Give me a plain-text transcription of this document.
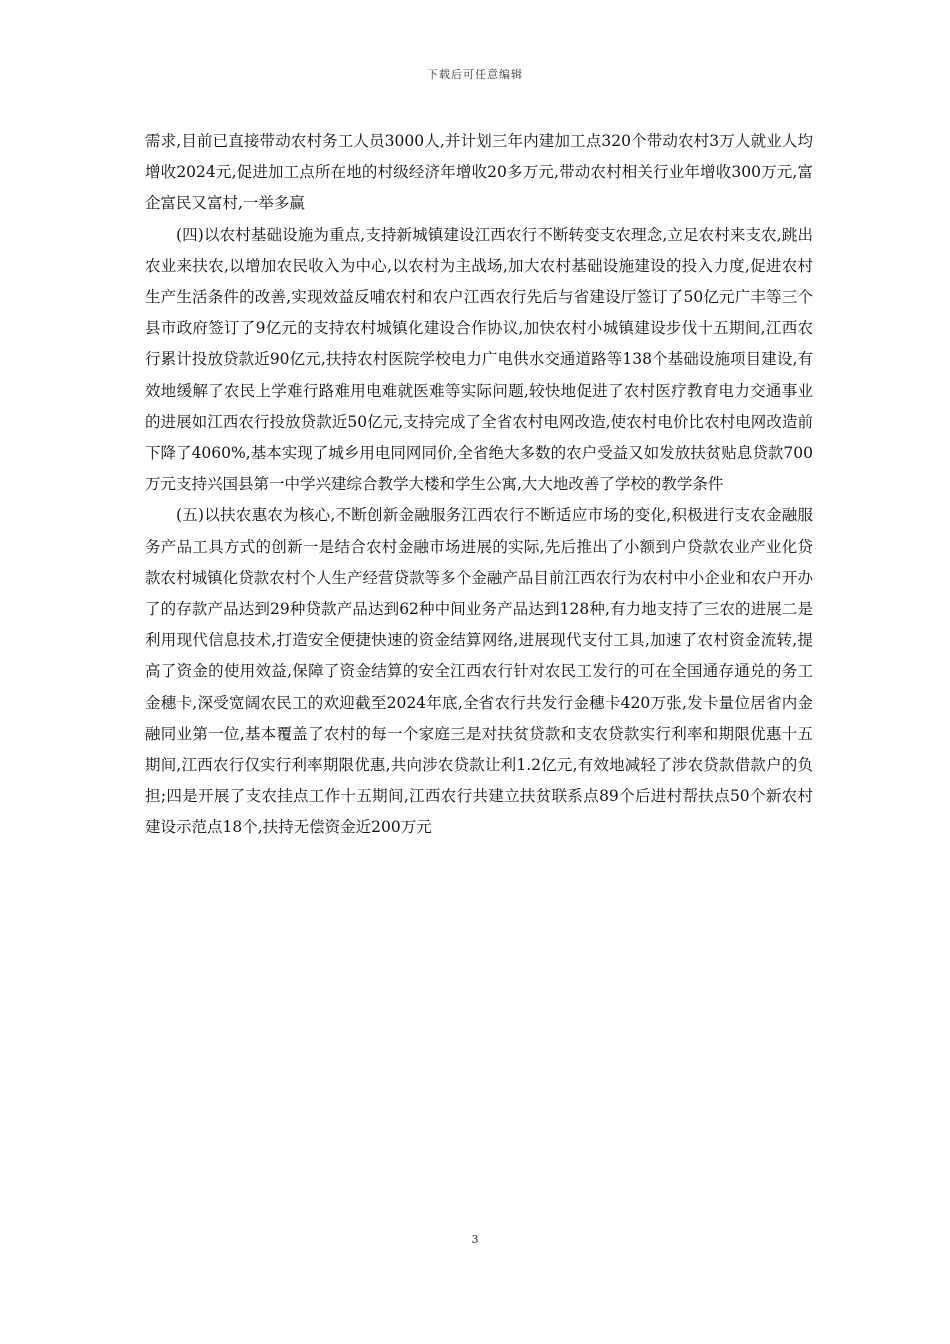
下载后可任意编辑

需求,目前已直接带动农村务工人员3000人,并计划三年内建加工点320个带动农村3万人就业人均增收2024元,促进加工点所在地的村级经济年增收20多万元,带动农村相关行业年增收300万元,富企富民又富村,一举多赢

(四)以农村基础设施为重点,支持新城镇建设江西农行不断转变支农理念,立足农村来支农,跳出农业来扶农,以增加农民收入为中心,以农村为主战场,加大农村基础设施建设的投入力度,促进农村生产生活条件的改善,实现效益反哺农村和农户江西农行先后与省建设厅签订了50亿元广丰等三个县市政府签订了9亿元的支持农村城镇化建设合作协议,加快农村小城镇建设步伐十五期间,江西农行累计投放贷款近90亿元,扶持农村医院学校电力广电供水交通道路等138个基础设施项目建设,有效地缓解了农民上学难行路难用电难就医难等实际问题,较快地促进了农村医疗教育电力交通事业的进展如江西农行投放贷款近50亿元,支持完成了全省农村电网改造,使农村电价比农村电网改造前下降了4060%,基本实现了城乡用电同网同价,全省绝大多数的农户受益又如发放扶贫贴息贷款700万元支持兴国县第一中学兴建综合教学大楼和学生公寓,大大地改善了学校的教学条件

(五)以扶农惠农为核心,不断创新金融服务江西农行不断适应市场的变化,积极进行支农金融服务产品工具方式的创新一是结合农村金融市场进展的实际,先后推出了小额到户贷款农业产业化贷款农村城镇化贷款农村个人生产经营贷款等多个金融产品目前江西农行为农村中小企业和农户开办了的存款产品达到29种贷款产品达到62种中间业务产品达到128种,有力地支持了三农的进展二是利用现代信息技术,打造安全便捷快速的资金结算网络,进展现代支付工具,加速了农村资金流转,提高了资金的使用效益,保障了资金结算的安全江西农行针对农民工发行的可在全国通存通兑的务工金穗卡,深受宽阔农民工的欢迎截至2024年底,全省农行共发行金穗卡420万张,发卡量位居省内金融同业第一位,基本覆盖了农村的每一个家庭三是对扶贫贷款和支农贷款实行利率和期限优惠十五期间,江西农行仅实行利率期限优惠,共向涉农贷款让利1.2亿元,有效地减轻了涉农贷款借款户的负担;四是开展了支农挂点工作十五期间,江西农行共建立扶贫联系点89个后进村帮扶点50个新农村建设示范点18个,扶持无偿资金近200万元

3
